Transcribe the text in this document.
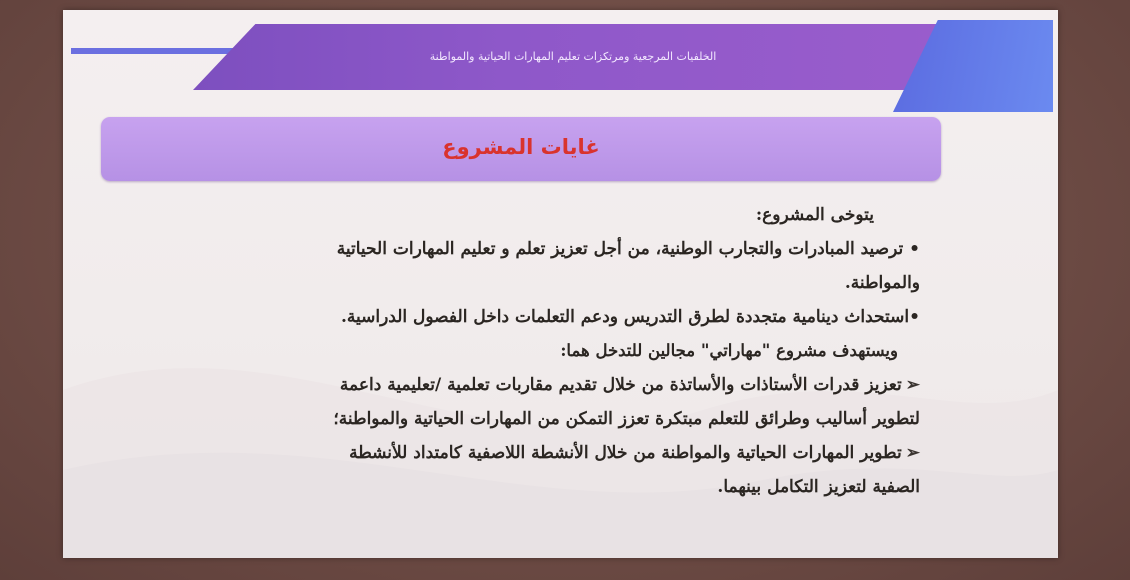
الخلفيات المرجعية ومرتكزات تعليم المهارات الحياتية والمواطنة
غايات المشروع
يتوخى المشروع:
• ترصيد المبادرات والتجارب الوطنية، من أجل تعزيز تعلم و تعليم المهارات الحياتية
والمواطنة.
•استحداث دينامية متجددة لطرق التدريس ودعم التعلمات داخل الفصول الدراسية.
ويستهدف مشروع "مهاراتي" مجالين للتدخل هما:
➢تعزيز قدرات الأستاذات والأساتذة من خلال تقديم مقاربات تعلمية /تعليمية داعمة
لتطوير أساليب وطرائق للتعلم مبتكرة تعزز التمكن من المهارات الحياتية والمواطنة؛
➢تطوير المهارات الحياتية والمواطنة من خلال الأنشطة اللاصفية كامتداد للأنشطة
الصفية لتعزيز التكامل بينهما.
